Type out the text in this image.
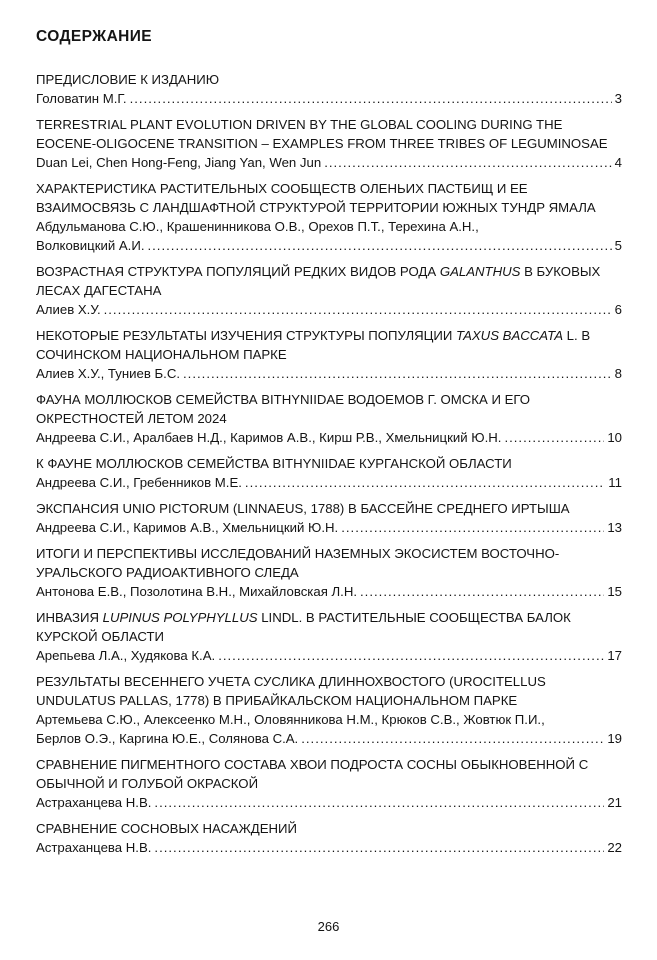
СОДЕРЖАНИЕ
ПРЕДИСЛОВИЕ К ИЗДАНИЮ
Головатин М.Г. .....	3
TERRESTRIAL PLANT EVOLUTION DRIVEN BY THE GLOBAL COOLING DURING THE EOCENE-OLIGOCENE TRANSITION – EXAMPLES FROM THREE TRIBES OF LEGUMINOSAE
Duan Lei, Chen Hong-Feng, Jiang Yan, Wen Jun .....	4
ХАРАКТЕРИСТИКА РАСТИТЕЛЬНЫХ СООБЩЕСТВ ОЛЕНЬИХ ПАСТБИЩ И ЕЕ ВЗАИМОСВЯЗЬ С ЛАНДШАФТНОЙ СТРУКТУРОЙ ТЕРРИТОРИИ ЮЖНЫХ ТУНДР ЯМАЛА
Абдульманова С.Ю., Крашенинникова О.В., Орехов П.Т., Терехина А.Н.,
Волковицкий А.И. .....	5
ВОЗРАСТНАЯ СТРУКТУРА ПОПУЛЯЦИЙ РЕДКИХ ВИДОВ РОДА GALANTHUS В БУКОВЫХ ЛЕСАХ ДАГЕСТАНА
Алиев Х.У. .....	6
НЕКОТОРЫЕ РЕЗУЛЬТАТЫ ИЗУЧЕНИЯ СТРУКТУРЫ ПОПУЛЯЦИИ TAXUS BACCATA L. В СОЧИНСКОМ НАЦИОНАЛЬНОМ ПАРКЕ
Алиев Х.У., Туниев Б.С. .....	8
ФАУНА МОЛЛЮСКОВ СЕМЕЙСТВА BITHYNIIDAE ВОДОЕМОВ Г. ОМСКА И ЕГО ОКРЕСТНОСТЕЙ ЛЕТОМ 2024
Андреева С.И., Аралбаев Н.Д., Каримов А.В., Кирш Р.В., Хмельницкий Ю.Н. .....	10
К ФАУНЕ МОЛЛЮСКОВ СЕМЕЙСТВА BITHYNIIDAE КУРГАНСКОЙ ОБЛАСТИ
Андреева С.И., Гребенников М.Е. .....	11
ЭКСПАНСИЯ UNIO PICTORUM (LINNAEUS, 1788) В БАССЕЙНЕ СРЕДНЕГО ИРТЫША
Андреева С.И., Каримов А.В., Хмельницкий Ю.Н. .....	13
ИТОГИ И ПЕРСПЕКТИВЫ ИССЛЕДОВАНИЙ НАЗЕМНЫХ ЭКОСИСТЕМ ВОСТОЧНО-УРАЛЬСКОГО РАДИОАКТИВНОГО СЛЕДА
Антонова Е.В., Позолотина В.Н., Михайловская Л.Н. .....	15
ИНВАЗИЯ LUPINUS POLYPHYLLUS LINDL. В РАСТИТЕЛЬНЫЕ СООБЩЕСТВА БАЛОК КУРСКОЙ ОБЛАСТИ
Арепьева Л.А., Худякова К.А. .....	17
РЕЗУЛЬТАТЫ ВЕСЕННЕГО УЧЕТА СУСЛИКА ДЛИННОХВОСТОГО (UROCITELLUS UNDULATUS PALLAS, 1778) В ПРИБАЙКАЛЬСКОМ НАЦИОНАЛЬНОМ ПАРКЕ
Артемьева С.Ю., Алексеенко М.Н., Оловянникова Н.М., Крюков С.В., Жовтюк П.И.,
Берлов О.Э., Каргина Ю.Е., Солянова С.А. .....	19
СРАВНЕНИЕ ПИГМЕНТНОГО СОСТАВА ХВОИ ПОДРОСТА СОСНЫ ОБЫКНОВЕННОЙ С ОБЫЧНОЙ И ГОЛУБОЙ ОКРАСКОЙ
Астраханцева Н.В. .....	21
СРАВНЕНИЕ СОСНОВЫХ НАСАЖДЕНИЙ
Астраханцева Н.В. .....	22
266
